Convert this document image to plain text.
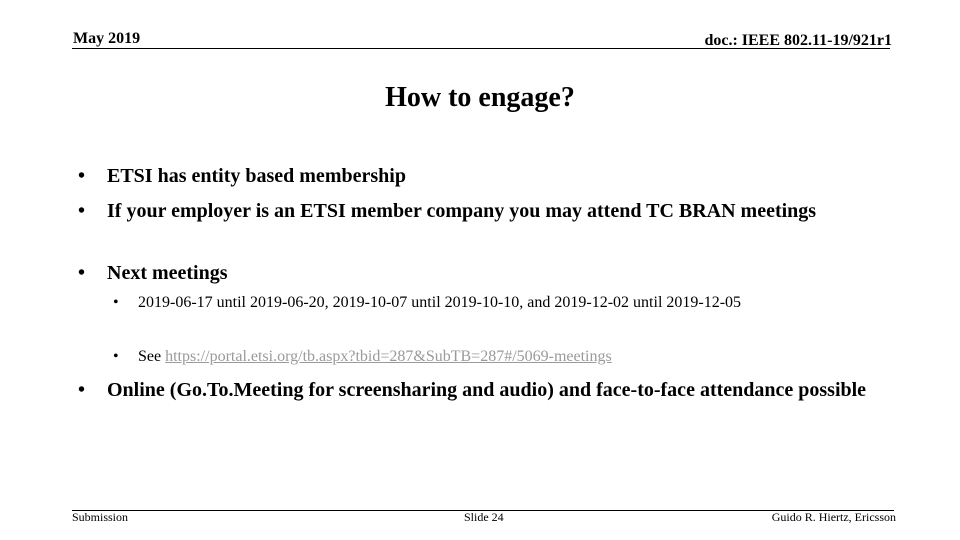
May 2019	doc.: IEEE 802.11-19/921r1
How to engage?
• ETSI has entity based membership
• If your employer is an ETSI member company you may attend TC BRAN meetings
• Next meetings
• 2019-06-17 until 2019-06-20, 2019-10-07 until 2019-10-10, and 2019-12-02 until 2019-12-05
• See https://portal.etsi.org/tb.aspx?tbid=287&SubTB=287#/5069-meetings
• Online (Go.To.Meeting for screensharing and audio) and face-to-face attendance possible
Submission	Slide 24	Guido R. Hiertz, Ericsson
